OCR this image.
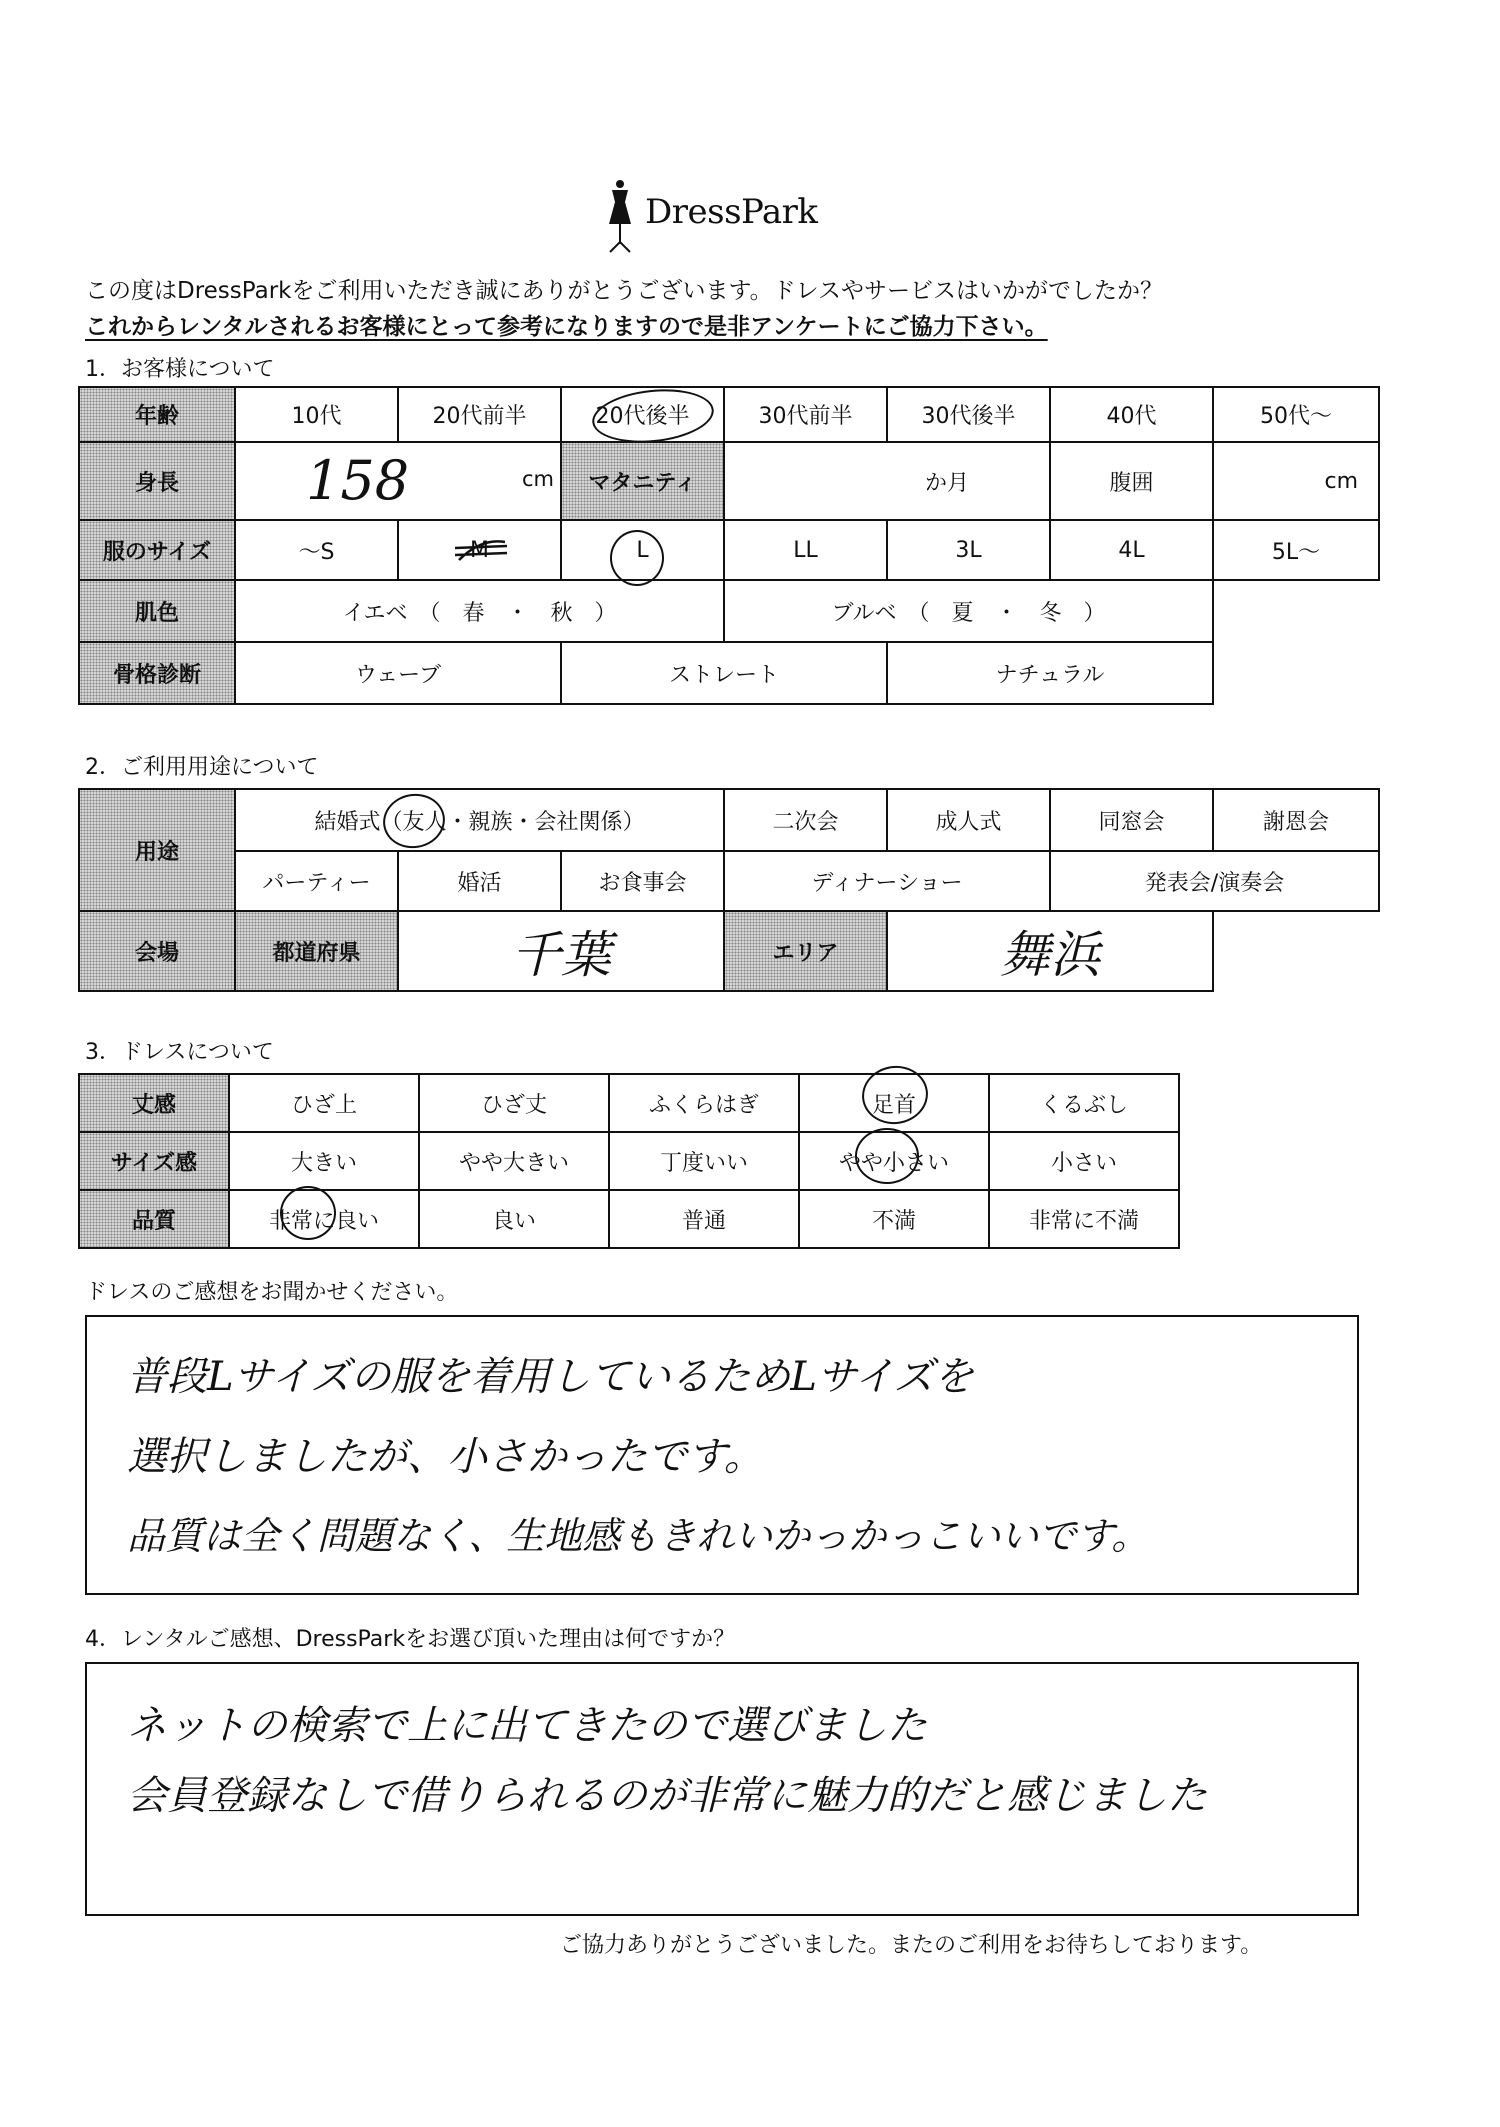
DressPark
この度はDressParkをご利用いただき誠にありがとうございます。ドレスやサービスはいかがでしたか？
これからレンタルされるお客様にとって参考になりますので是非アンケートにご協力下さい。
1．お客様について
年齢	10代	20代前半	20代後半	30代前半	30代後半	40代	50代～
身長	158 cm		マタニティ	か月		腹囲	cm
服のサイズ	～S	M	L	LL	3L	4L	5L～
肌色	イエベ　（　春　・　秋　）			ブルベ　（　夏　・　冬　）			
骨格診断	ウェーブ		ストレート		ナチュラル		
2．ご利用用途について
用途	結婚式（友人・親族・会社関係）			二次会	成人式	同窓会	謝恩会
	パーティー	婚活	お食事会	ディナーショー		発表会/演奏会	
会場	都道府県	千葉		エリア	舞浜		
3．ドレスについて
丈感	ひざ上	ひざ丈	ふくらはぎ	足首	くるぶし
サイズ感	大きい	やや大きい	丁度いい	やや小さい	小さい
品質	非常に良い	良い	普通	不満	非常に不満
ドレスのご感想をお聞かせください。
普段Lサイズの服を着用しているためLサイズを
選択しましたが、小さかったです。
品質は全く問題なく、生地感もきれいかっかっこいいです。
4．レンタルご感想、DressParkをお選び頂いた理由は何ですか？
ネットの検索で上に出てきたので選びました
会員登録なしで借りられるのが非常に魅力的だと感じました
ご協力ありがとうございました。またのご利用をお待ちしております。
